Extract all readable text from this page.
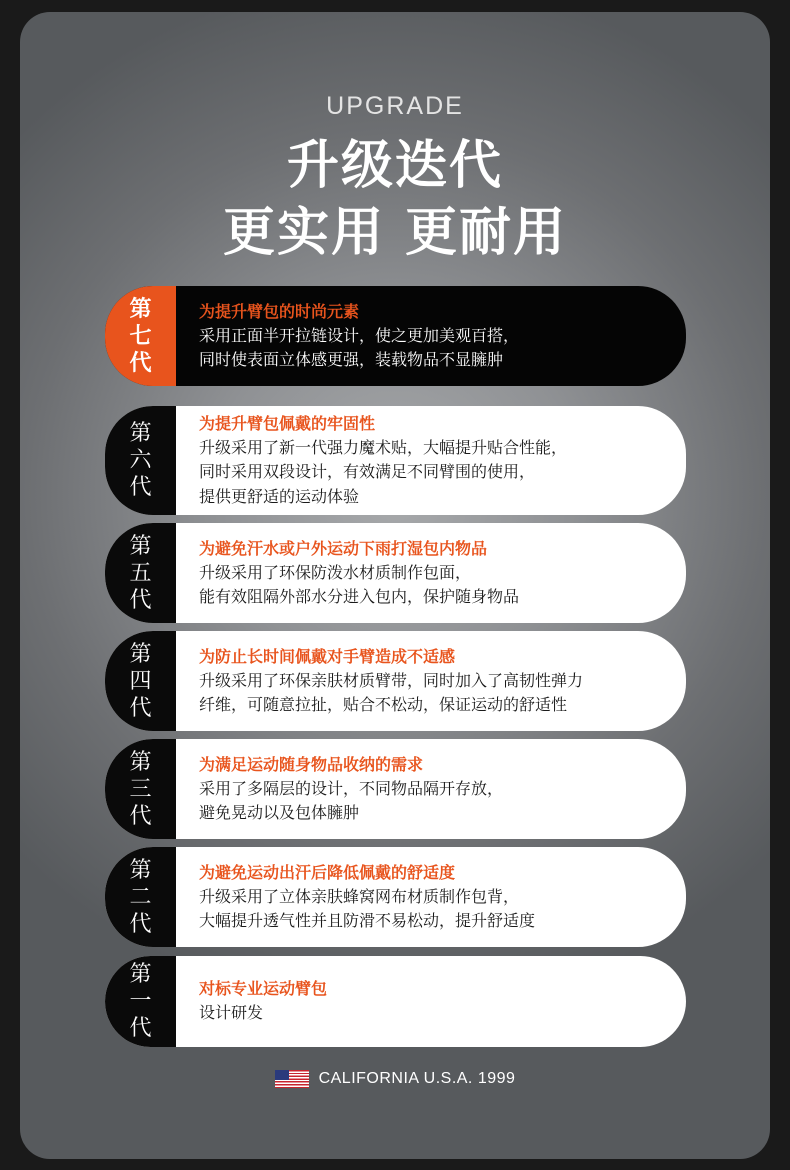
UPGRADE
升级迭代
更实用 更耐用
第
七
代
为提升臂包的时尚元素
采用正面半开拉链设计，使之更加美观百搭，
同时使表面立体感更强，装载物品不显臃肿
第
六
代
为提升臂包佩戴的牢固性
升级采用了新一代强力魔术贴，大幅提升贴合性能，
同时采用双段设计，有效满足不同臂围的使用，
提供更舒适的运动体验
第
五
代
为避免汗水或户外运动下雨打湿包内物品
升级采用了环保防泼水材质制作包面，
能有效阻隔外部水分进入包内，保护随身物品
第
四
代
为防止长时间佩戴对手臂造成不适感
升级采用了环保亲肤材质臂带，同时加入了高韧性弹力
纤维，可随意拉扯，贴合不松动，保证运动的舒适性
第
三
代
为满足运动随身物品收纳的需求
采用了多隔层的设计，不同物品隔开存放，
避免晃动以及包体臃肿
第
二
代
为避免运动出汗后降低佩戴的舒适度
升级采用了立体亲肤蜂窝网布材质制作包背，
大幅提升透气性并且防滑不易松动，提升舒适度
第
一
代
对标专业运动臂包
设计研发
CALIFORNIA U.S.A. 1999
